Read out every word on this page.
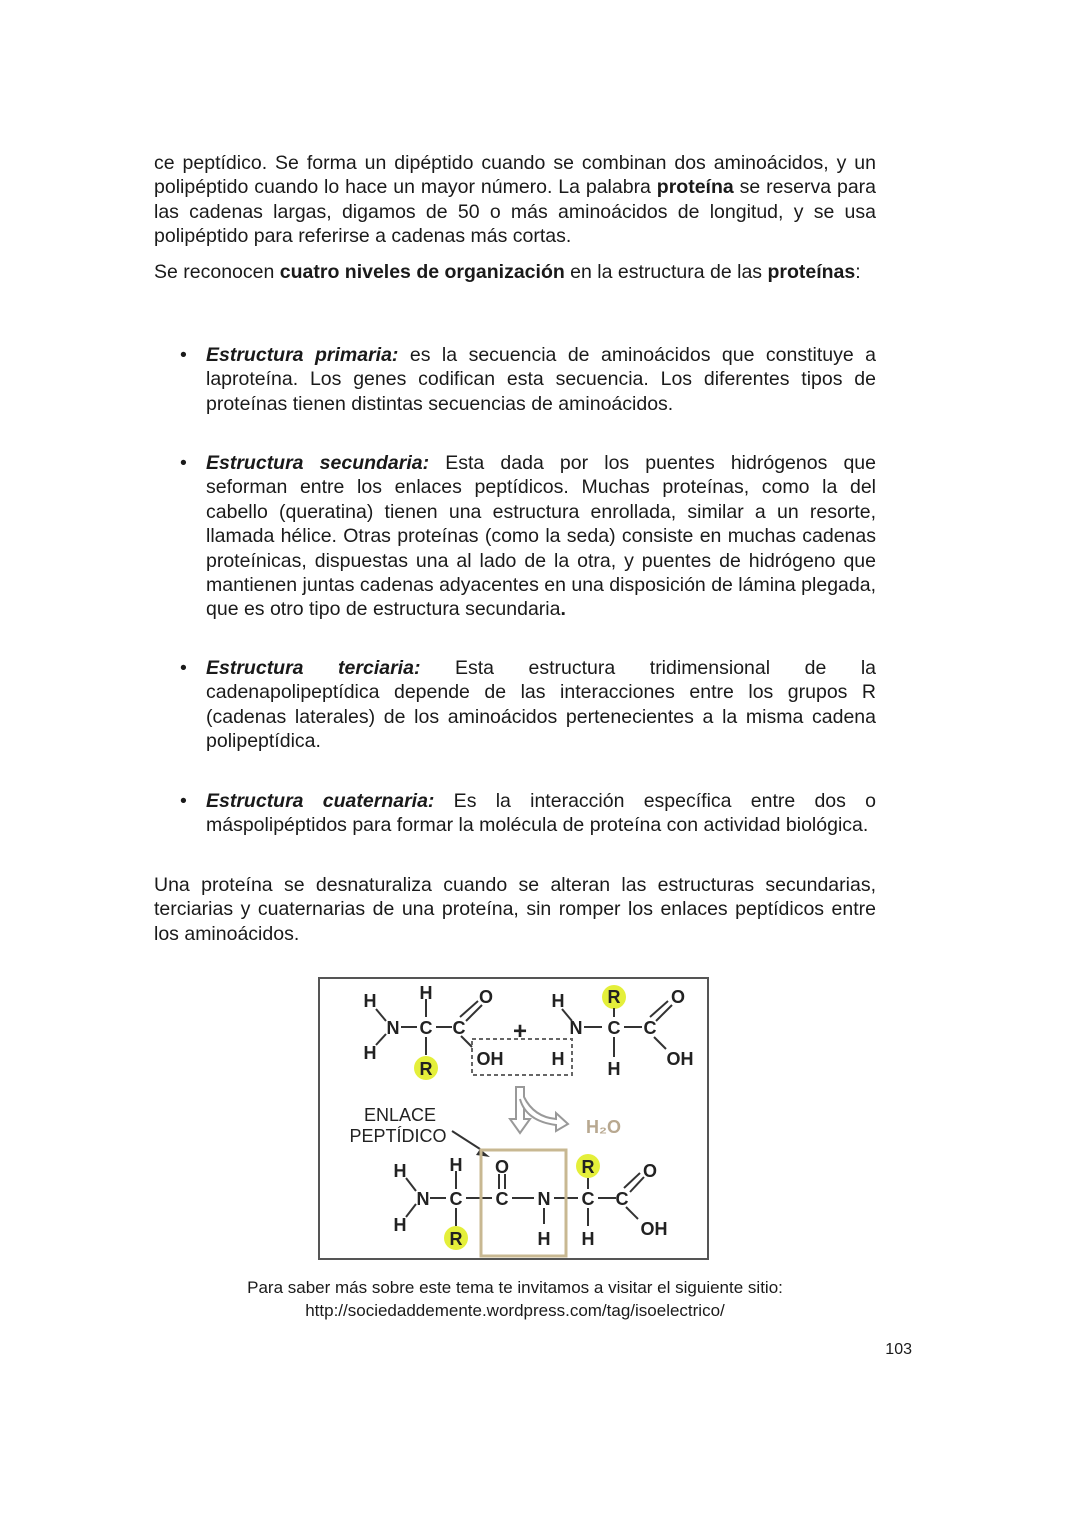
ce peptídico. Se forma un dipéptido cuando se combinan dos aminoácidos, y un polipéptido cuando lo hace un mayor número. La palabra proteína se reserva para las cadenas largas, digamos de 50 o más aminoácidos de longitud, y se usa polipéptido para referirse a cadenas más cortas.

Se reconocen cuatro niveles de organización en la estructura de las proteínas:

• Estructura primaria: es la secuencia de aminoácidos que constituye a laproteína. Los genes codifican esta secuencia. Los diferentes tipos de proteínas tienen distintas secuencias de aminoácidos.

• Estructura secundaria: Esta dada por los puentes hidrógenos que seforman entre los enlaces peptídicos. Muchas proteínas, como la del cabello (queratina) tienen una estructura enrollada, similar a un resorte, llamada hélice. Otras proteínas (como la seda) consiste en muchas cadenas proteínicas, dispuestas una al lado de la otra, y puentes de hidrógeno que mantienen juntas cadenas adyacentes en una disposición de lámina plegada, que es otro tipo de estructura secundaria.

• Estructura terciaria: Esta estructura tridimensional de la cadenapolipeptídica depende de las interacciones entre los grupos R (cadenas laterales) de los aminoácidos pertenecientes a la misma cadena polipeptídica.

• Estructura cuaternaria: Es la interacción específica entre dos o máspolipéptidos para formar la molécula de proteína con actividad biológica.

Una proteína se desnaturaliza cuando se alteran las estructuras secundarias, terciarias y cuaternarias de una proteína, sin romper los enlaces peptídicos entre los aminoácidos.

H H	O
N C C
H
R OH
+
H R	O
N C C
H H	OH
H H O	R	O
N C C N C C
H
R	H H	OH
H₂O
ENLACE
PEPTÍDICO

Para saber más sobre este tema te invitamos a visitar el siguiente sitio:

http://sociedaddemente.wordpress.com/tag/isoelectrico/

103
